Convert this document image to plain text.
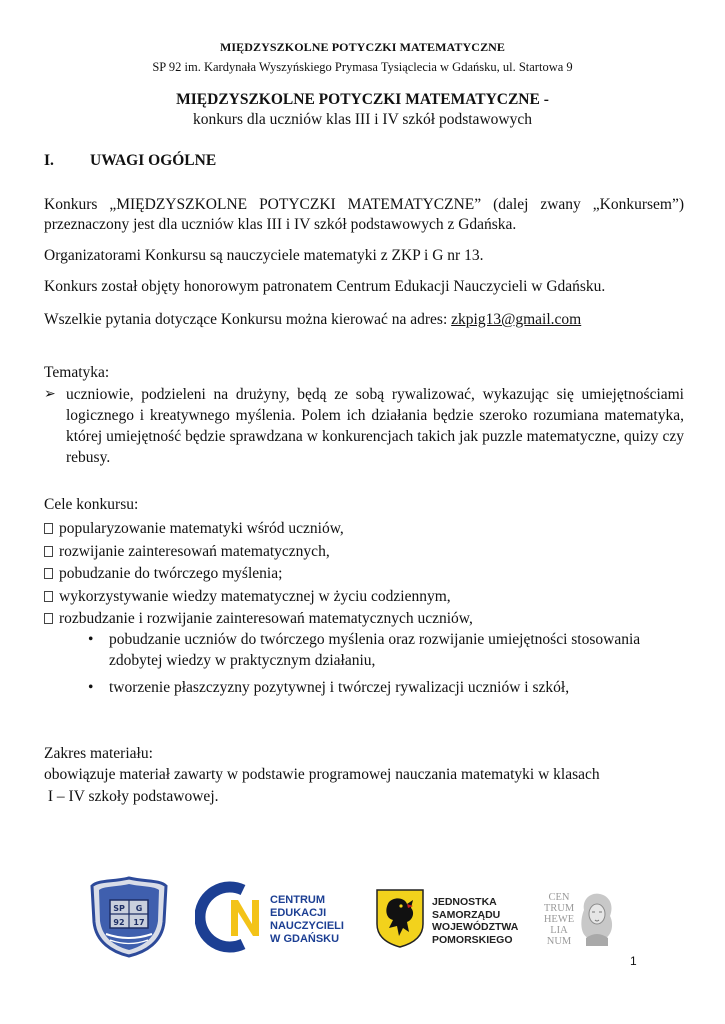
MIĘDZYSZKOLNE POTYCZKI MATEMATYCZNE
SP 92 im. Kardynała Wyszyńskiego Prymasa Tysiąclecia w Gdańsku, ul. Startowa 9
MIĘDZYSZKOLNE POTYCZKI MATEMATYCZNE -
konkurs dla uczniów klas III i IV szkół podstawowych
I. UWAGI OGÓLNE
Konkurs „MIĘDZYSZKOLNE POTYCZKI MATEMATYCZNE” (dalej zwany „Konkursem”) przeznaczony jest dla uczniów klas III i IV szkół podstawowych z Gdańska.
Organizatorami Konkursu są nauczyciele matematyki z ZKP i G nr 13.
Konkurs został objęty honorowym patronatem Centrum Edukacji Nauczycieli w Gdańsku.
Wszelkie pytania dotyczące Konkursu można kierować na adres: zkpig13@gmail.com
Tematyka:
➢ uczniowie, podzieleni na drużyny, będą ze sobą rywalizować, wykazując się umiejętnościami logicznego i kreatywnego myślenia. Polem ich działania będzie szeroko rozumiana matematyka, której umiejętność będzie sprawdzana w konkurencjach takich jak puzzle matematyczne, quizy czy rebusy.
Cele konkursu:
popularyzowanie matematyki wśród uczniów,
rozwijanie zainteresowań matematycznych,
pobudzanie do twórczego myślenia;
wykorzystywanie wiedzy matematycznej w życiu codziennym,
rozbudzanie i rozwijanie zainteresowań matematycznych uczniów,
• pobudzanie uczniów do twórczego myślenia oraz rozwijanie umiejętności stosowania zdobytej wiedzy w praktycznym działaniu,
• tworzenie płaszczyzny pozytywnej i twórczej rywalizacji uczniów i szkół,
Zakres materiału:
obowiązuje materiał zawarty w podstawie programowej nauczania matematyki w klasach
I – IV szkoły podstawowej.
SP
92
G
17
CENTRUM
EDUKACJI
NAUCZYCIELI
W GDAŃSKU
JEDNOSTKA
SAMORZĄDU
WOJEWÓDZTWA
POMORSKIEGO
CEN
TRUM
HEWE
LIA
NUM
1
